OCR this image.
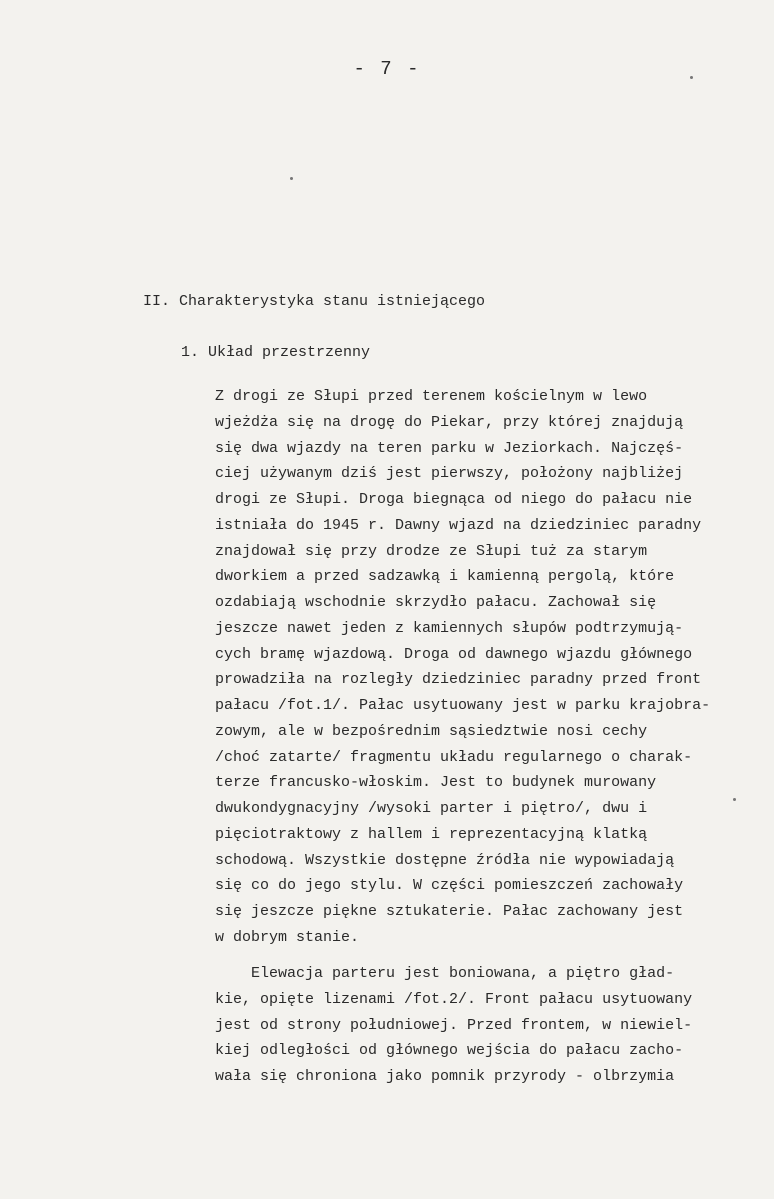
- 7 -
II. Charakterystyka stanu istniejącego
1. Układ przestrzenny
Z drogi ze Słupi przed terenem kościelnym w lewo
wjeżdża się na drogę do Piekar, przy której znajdują
się dwa wjazdy na teren parku w Jeziorkach. Najczęś-
ciej używanym dziś jest pierwszy, położony najbliżej
drogi ze Słupi. Droga biegnąca od niego do pałacu nie
istniała do 1945 r. Dawny wjazd na dziedziniec paradny
znajdował się przy drodze ze Słupi tuż za starym
dworkiem a przed sadzawką i kamienną pergolą, które
ozdabiają wschodnie skrzydło pałacu. Zachował się
jeszcze nawet jeden z kamiennych słupów podtrzymują-
cych bramę wjazdową. Droga od dawnego wjazdu głównego
prowadziła na rozległy dziedziniec paradny przed front
pałacu /fot.1/. Pałac usytuowany jest w parku krajobra-
zowym, ale w bezpośrednim sąsiedztwie nosi cechy
/choć zatarte/ fragmentu układu regularnego o charak-
terze francusko-włoskim. Jest to budynek murowany
dwukondygnacyjny /wysoki parter i piętro/, dwu i
pięciotraktowy z hallem i reprezentacyjną klatką
schodową. Wszystkie dostępne źródła nie wypowiadają
się co do jego stylu. W części pomieszczeń zachowały
się jeszcze piękne sztukaterie. Pałac zachowany jest
w dobrym stanie.
Elewacja parteru jest boniowana, a piętro gład-
kie, opięte lizenami /fot.2/. Front pałacu usytuowany
jest od strony południowej. Przed frontem, w niewiel-
kiej odległości od głównego wejścia do pałacu zacho-
wała się chroniona jako pomnik przyrody - olbrzymia
